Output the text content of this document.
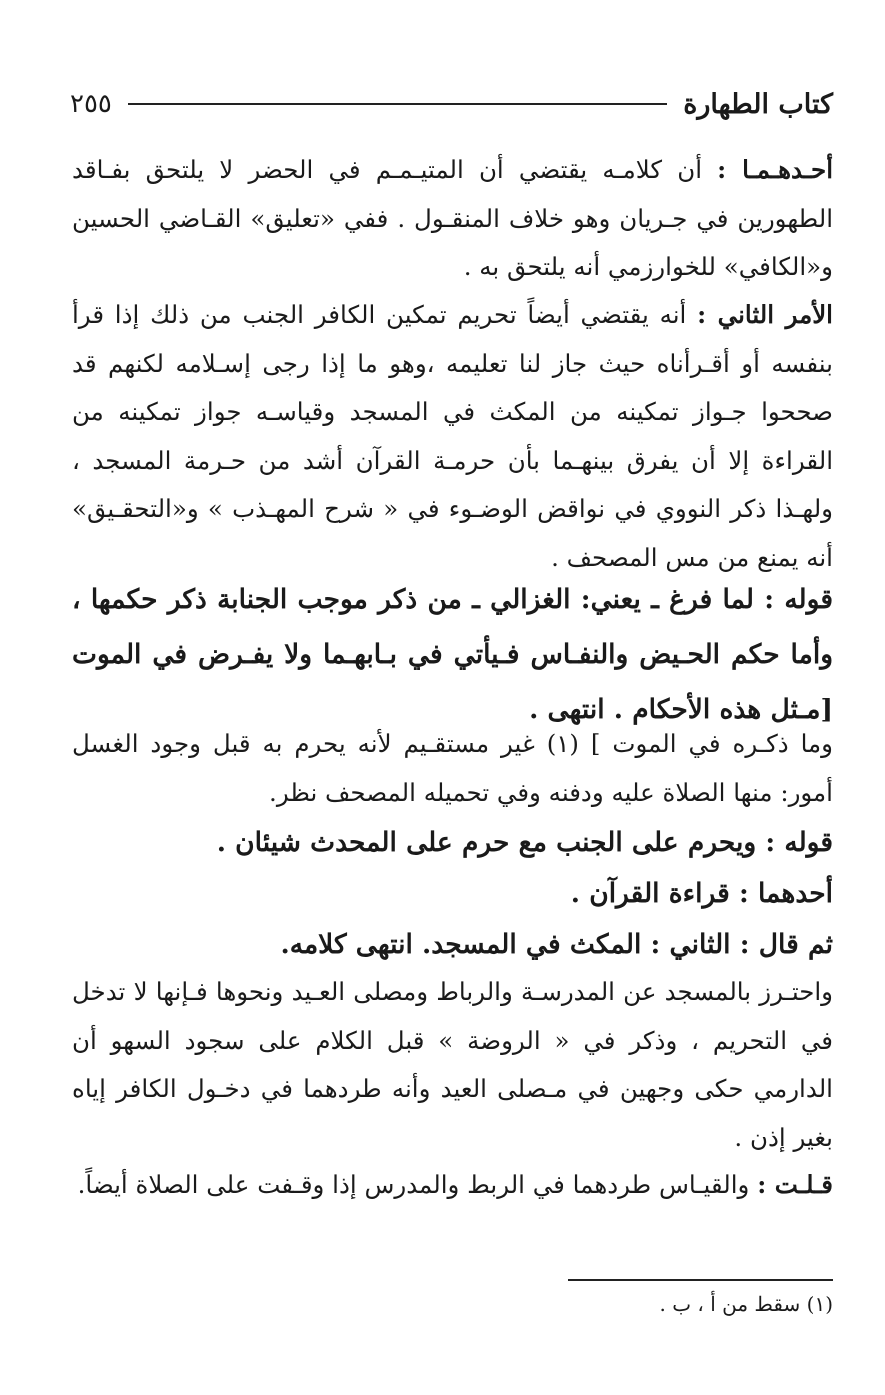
كتاب الطهارة
٢٥٥

أحـدهـمـا : أن كلامـه يقتضي أن المتيـمـم في الحضر لا يلتحق بفـاقد الطهورين في جـريان وهو خلاف المنقـول . ففي «تعليق» القـاضي الحسين و«الكافي» للخوارزمي أنه يلتحق به .

الأمر الثاني : أنه يقتضي أيضاً تحريم تمكين الكافر الجنب من ذلك إذا قرأ بنفسه أو أقـرأناه حيث جاز لنا تعليمه ،وهو ما إذا رجى إسـلامه لكنهم قد صححوا جـواز تمكينه من المكث في المسجد وقياسـه جواز تمكينه من القراءة إلا أن يفرق بينهـما بأن حرمـة القرآن أشد من حـرمة المسجد ، ولهـذا ذكر النووي في نواقض الوضـوء في « شرح المهـذب » و«التحقـيق» أنه يمنع من مس المصحف .

قوله : لما فرغ ـ يعني: الغزالي ـ من ذكر موجب الجنابة ذكر حكمها ، وأما حكم الحـيض والنفـاس فـيأتي في بـابهـما ولا يفـرض في الموت [مـثل هذه الأحكام . انتهى .

وما ذكـره في الموت ] (١) غير مستقـيم لأنه يحرم به قبل وجود الغسل أمور: منها الصلاة عليه ودفنه وفي تحميله المصحف نظر.

قوله : ويحرم على الجنب مع حرم على المحدث شيئان .

أحدهما : قراءة القرآن .

ثم قال : الثاني : المكث في المسجد. انتهى كلامه.

واحتـرز بالمسجد عن المدرسـة والرباط ومصلى العـيد ونحوها فـإنها لا تدخل في التحريم ، وذكر في « الروضة » قبل الكلام على سجود السهو أن الدارمي حكى وجهين في مـصلى العيد وأنه طردهما في دخـول الكافر إياه بغير إذن .

قـلـت : والقيـاس طردهما في الربط والمدرس إذا وقـفت على الصلاة أيضاً.

(١) سقط من أ ، ب .
